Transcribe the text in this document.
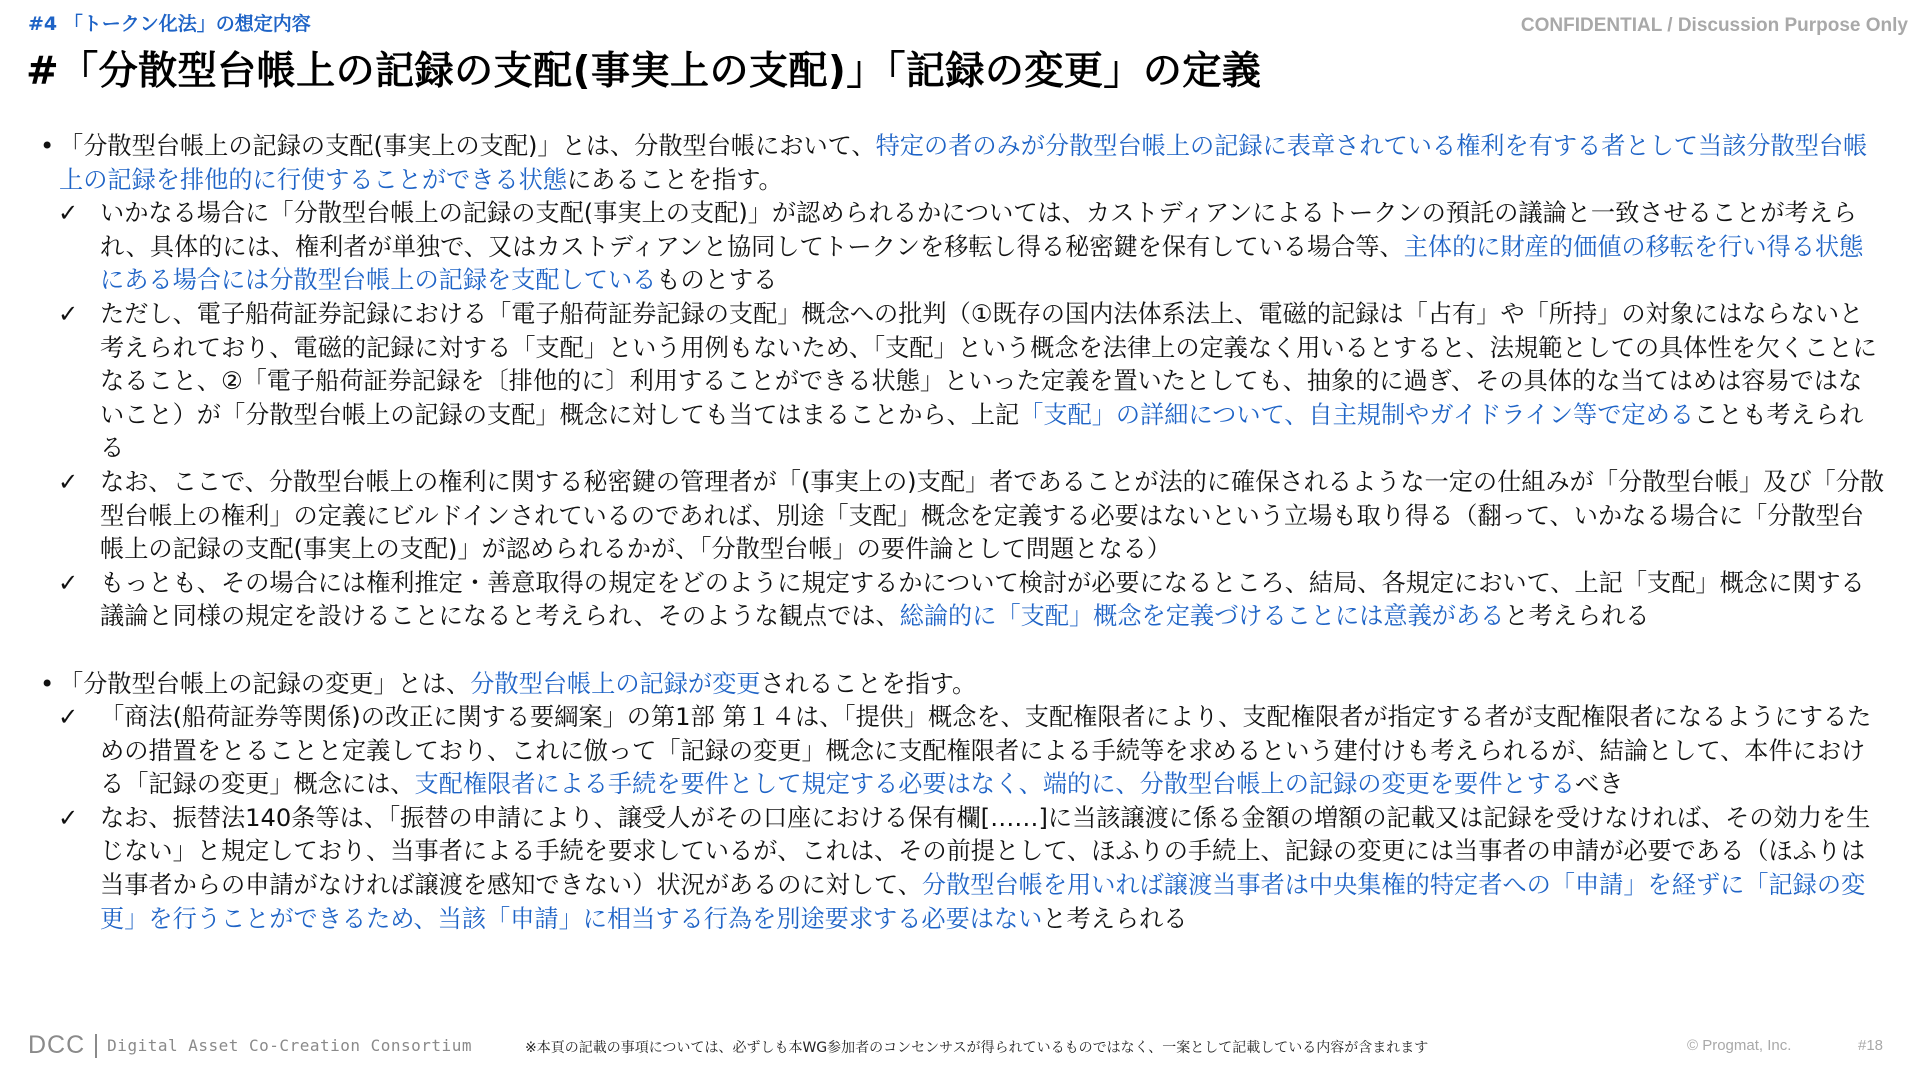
#4 「トークン化法」の想定内容	CONFIDENTIAL / Discussion Purpose Only
#「分散型台帳上の記録の支配(事実上の支配)」「記録の変更」の定義
• 「分散型台帳上の記録の支配(事実上の支配)」とは、分散型台帳において、特定の者のみが分散型台帳上の記録に表章されている権利を有する者として当該分散型台帳上の記録を排他的に行使することができる状態にあることを指す。
✓ いかなる場合に「分散型台帳上の記録の支配(事実上の支配)」が認められるかについては、カストディアンによるトークンの預託の議論と一致させることが考えられ、具体的には、権利者が単独で、又はカストディアンと協同してトークンを移転し得る秘密鍵を保有している場合等、主体的に財産的価値の移転を行い得る状態にある場合には分散型台帳上の記録を支配しているものとする
✓ ただし、電子船荷証券記録における「電子船荷証券記録の支配」概念への批判（①既存の国内法体系法上、電磁的記録は「占有」や「所持」の対象にはならないと考えられており、電磁的記録に対する「支配」という用例もないため、「支配」という概念を法律上の定義なく用いるとすると、法規範としての具体性を欠くことになること、②「電子船荷証券記録を〔排他的に〕利用することができる状態」といった定義を置いたとしても、抽象的に過ぎ、その具体的な当てはめは容易ではないこと）が「分散型台帳上の記録の支配」概念に対しても当てはまることから、上記「支配」の詳細について、自主規制やガイドライン等で定めることも考えられる
✓ なお、ここで、分散型台帳上の権利に関する秘密鍵の管理者が「(事実上の)支配」者であることが法的に確保されるような一定の仕組みが「分散型台帳」及び「分散型台帳上の権利」の定義にビルドインされているのであれば、別途「支配」概念を定義する必要はないという立場も取り得る（翻って、いかなる場合に「分散型台帳上の記録の支配(事実上の支配)」が認められるかが、「分散型台帳」の要件論として問題となる）
✓ もっとも、その場合には権利推定・善意取得の規定をどのように規定するかについて検討が必要になるところ、結局、各規定において、上記「支配」概念に関する議論と同様の規定を設けることになると考えられ、そのような観点では、総論的に「支配」概念を定義づけることには意義があると考えられる
• 「分散型台帳上の記録の変更」とは、分散型台帳上の記録が変更されることを指す。
✓ 「商法(船荷証券等関係)の改正に関する要綱案」の第1部 第１４は、「提供」概念を、支配権限者により、支配権限者が指定する者が支配権限者になるようにするための措置をとることと定義しており、これに倣って「記録の変更」概念に支配権限者による手続等を求めるという建付けも考えられるが、結論として、本件における「記録の変更」概念には、支配権限者による手続を要件として規定する必要はなく、端的に、分散型台帳上の記録の変更を要件とするべき
✓ なお、振替法140条等は、「振替の申請により、譲受人がその口座における保有欄[……]に当該譲渡に係る金額の増額の記載又は記録を受けなければ、その効力を生じない」と規定しており、当事者による手続を要求しているが、これは、その前提として、ほふりの手続上、記録の変更には当事者の申請が必要である（ほふりは当事者からの申請がなければ譲渡を感知できない）状況があるのに対して、分散型台帳を用いれば譲渡当事者は中央集権的特定者への「申請」を経ずに「記録の変更」を行うことができるため、当該「申請」に相当する行為を別途要求する必要はないと考えられる
DCC Digital Asset Co-Creation Consortium	※本頁の記載の事項については、必ずしも本WG参加者のコンセンサスが得られているものではなく、一案として記載している内容が含まれます	© Progmat, Inc.	#18
